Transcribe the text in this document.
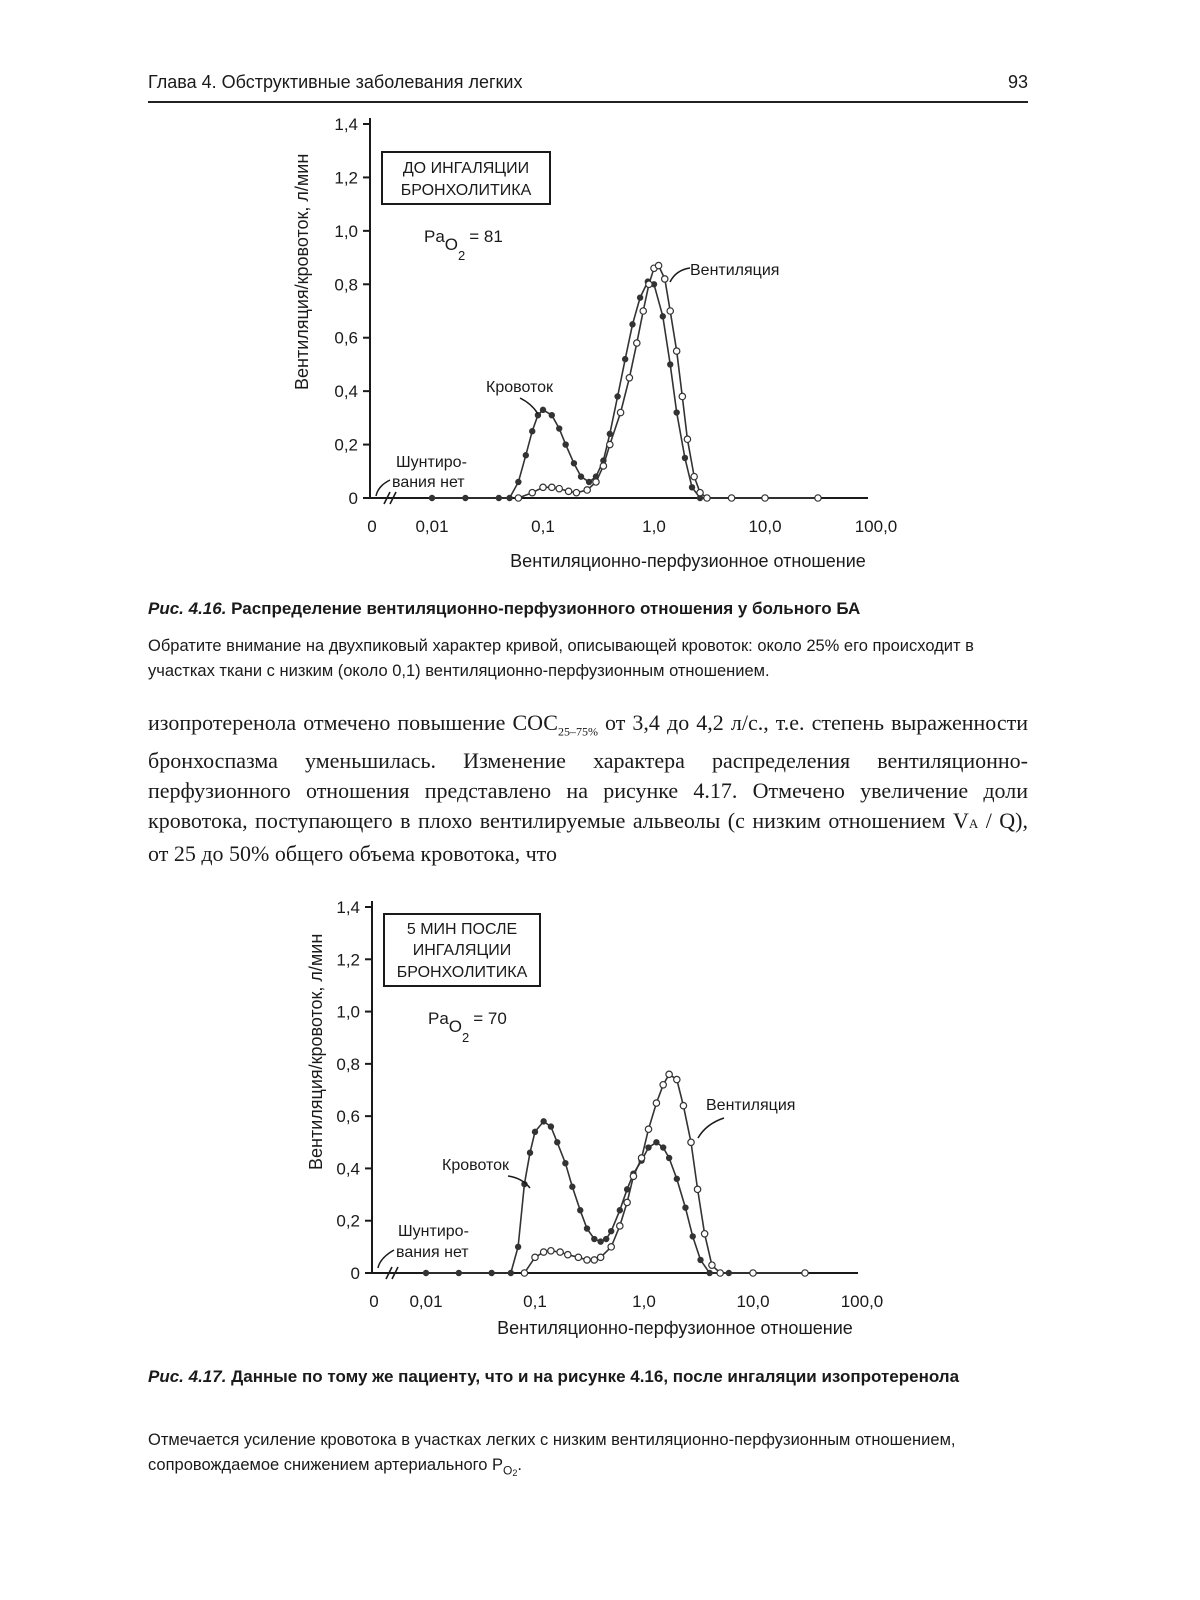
Глава 4. Обструктивные заболевания легких	93
Вентиляция/кровоток, л/мин
0
0,2
0,4
0,6
0,8
1,0
1,2
1,4
0 0,01	0,1	1,0	10,0	100,0
Вентиляционно-перфузионное отношение
ДО ИНГАЛЯЦИИ
БРОНХОЛИТИКА
PaO$_2$= 81
Вентиляция
Кровоток
Шунтиро-
вания нет
Рис. 4.16. Распределение вентиляционно-перфузионного отношения у больного БА
Обратите внимание на двухпиковый характер кривой, описывающей кровоток: около 25% его происходит в участках ткани с низким (около 0,1) вентиляционно-перфузионным отношением.
изопротеренола отмечено повышение $СОС_{25-75\%}$ от 3,4 до 4,2 л/с., т.е. степень выраженности бронхоспазма уменьшилась. Изменение характера распределения вентиляционно-перфузионного отношения представлено на рисунке 4.17. Отмечено увеличение доли кровотока, поступающего в плохо вентилируемые альвеолы (с низким отношением VA / Q), от 25 до 50% общего объема кровотока, что
Вентиляция/кровоток, л/мин
0
0,2
0,4
0,6
0,8
1,0
1,2
1,4
0 0,01	0,1	1,0	10,0	100,0
Вентиляционно-перфузионное отношение
5 МИН ПОСЛЕ
ИНГАЛЯЦИИ
БРОНХОЛИТИКА
PaO$_2$= 70
Вентиляция
Кровоток
Шунтиро-
вания нет
Рис. 4.17. Данные по тому же пациенту, что и на рисунке 4.16, после ингаляции изопротеренола
Отмечается усиление кровотока в участках легких с низким вентиляционно-перфузионным отношением, сопровождаемое снижением артериального $P_{O2}$.
